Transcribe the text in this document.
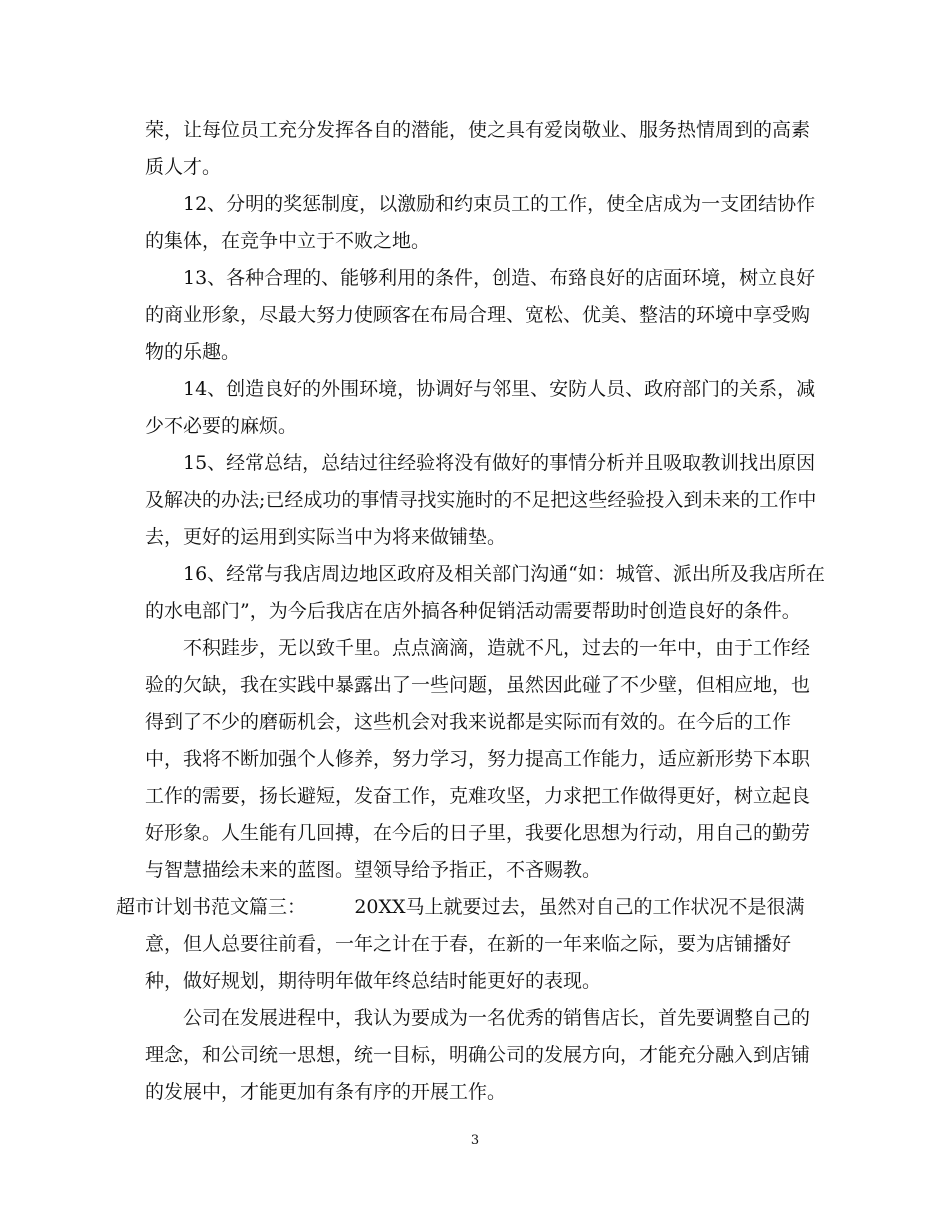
荣，让每位员工充分发挥各自的潜能，使之具有爱岗敬业、服务热情周到的高素
质人才。
12、分明的奖惩制度，以激励和约束员工的工作，使全店成为一支团结协作
的集体，在竞争中立于不败之地。
13、各种合理的、能够利用的条件，创造、布臵良好的店面环境，树立良好
的商业形象，尽最大努力使顾客在布局合理、宽松、优美、整洁的环境中享受购
物的乐趣。
14、创造良好的外围环境，协调好与邻里、安防人员、政府部门的关系，减
少不必要的麻烦。
15、经常总结，总结过往经验将没有做好的事情分析并且吸取教训找出原因
及解决的办法;已经成功的事情寻找实施时的不足把这些经验投入到未来的工作中
去，更好的运用到实际当中为将来做铺垫。
16、经常与我店周边地区政府及相关部门沟通“如：城管、派出所及我店所在
的水电部门”，为今后我店在店外搞各种促销活动需要帮助时创造良好的条件。
不积跬步，无以致千里。点点滴滴，造就不凡，过去的一年中，由于工作经
验的欠缺，我在实践中暴露出了一些问题，虽然因此碰了不少壁，但相应地，也
得到了不少的磨砺机会，这些机会对我来说都是实际而有效的。在今后的工作
中，我将不断加强个人修养，努力学习，努力提高工作能力，适应新形势下本职
工作的需要，扬长避短，发奋工作，克难攻坚，力求把工作做得更好，树立起良
好形象。人生能有几回搏，在今后的日子里，我要化思想为行动，用自己的勤劳
与智慧描绘未来的蓝图。望领导给予指正，不吝赐教。
超市计划书范文篇三：        20XX马上就要过去，虽然对自己的工作状况不是很满
意，但人总要往前看，一年之计在于春，在新的一年来临之际，要为店铺播好
种，做好规划，期待明年做年终总结时能更好的表现。
公司在发展进程中，我认为要成为一名优秀的销售店长，首先要调整自己的
理念，和公司统一思想，统一目标，明确公司的发展方向，才能充分融入到店铺
的发展中，才能更加有条有序的开展工作。
3
